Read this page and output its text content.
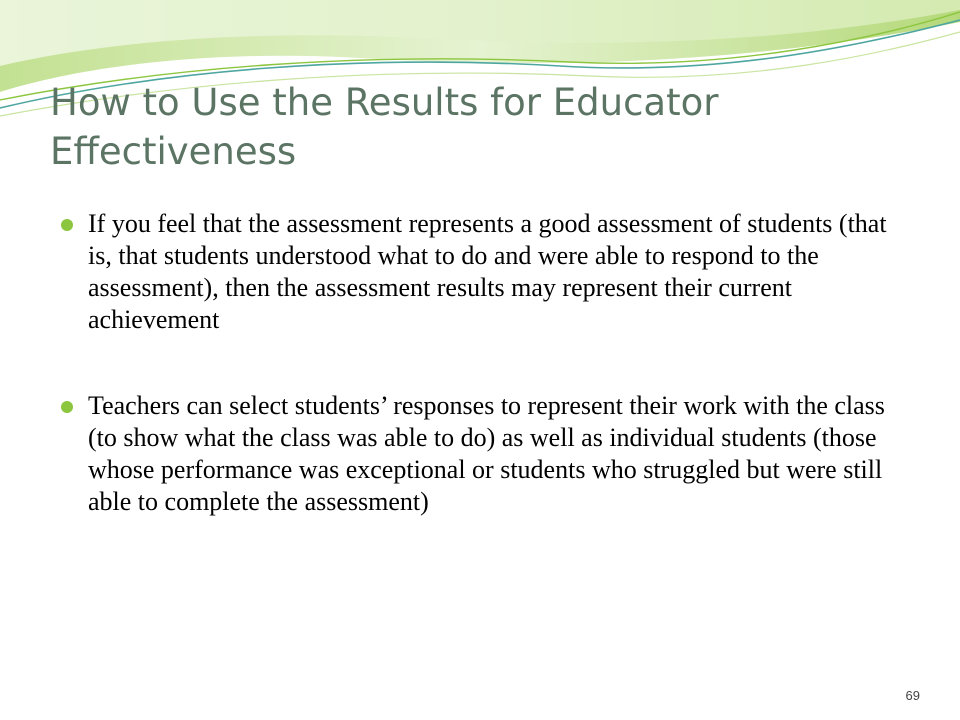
How to Use the Results for Educator Effectiveness
If you feel that the assessment represents a good assessment of students (that is, that students understood what to do and were able to respond to the assessment), then the assessment results may represent their current achievement
Teachers can select students’ responses to represent their work with the class (to show what the class was able to do) as well as individual students (those whose performance was exceptional or students who struggled but were still able to complete the assessment)
69
